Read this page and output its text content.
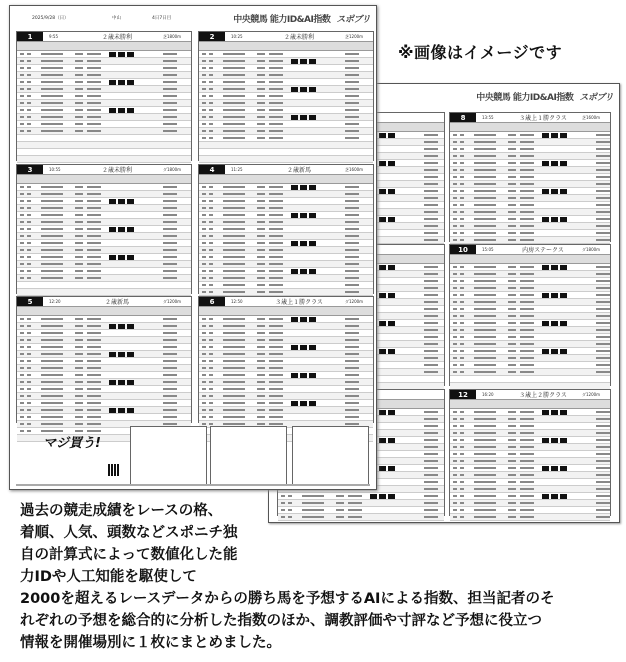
※画像はイメージです
中央競馬 能力ID&AI指数 スポブリ
8	13:55	３歳上１勝クラス	芝1600m
10	15:05	内房ステークス	ダ1800m
12	16:20	３歳上２勝クラス	ダ1200m
2025/9/28（日）	中山	4日7日目	中央競馬 能力ID&AI指数 スポブリ
1	9:55	２歳未勝利	芝1800m	2	10:25	２歳未勝利	芝1200m
3	10:55	２歳未勝利	ダ1800m	4	11:25	２歳新馬	芝1600m
5	12:20	２歳新馬	ダ1200m	6	12:50	３歳上１勝クラス	ダ1200m

マジ買う!
過去の競走成績をレースの格、
着順、人気、頭数などスポニチ独
自の計算式によって数値化した能
力IDや人工知能を駆使して
2000を超えるレースデータからの勝ち馬を予想するAIによる指数、担当記者のそ
れぞれの予想を総合的に分析した指数のほか、調教評価や寸評など予想に役立つ
情報を開催場別に１枚にまとめました。
